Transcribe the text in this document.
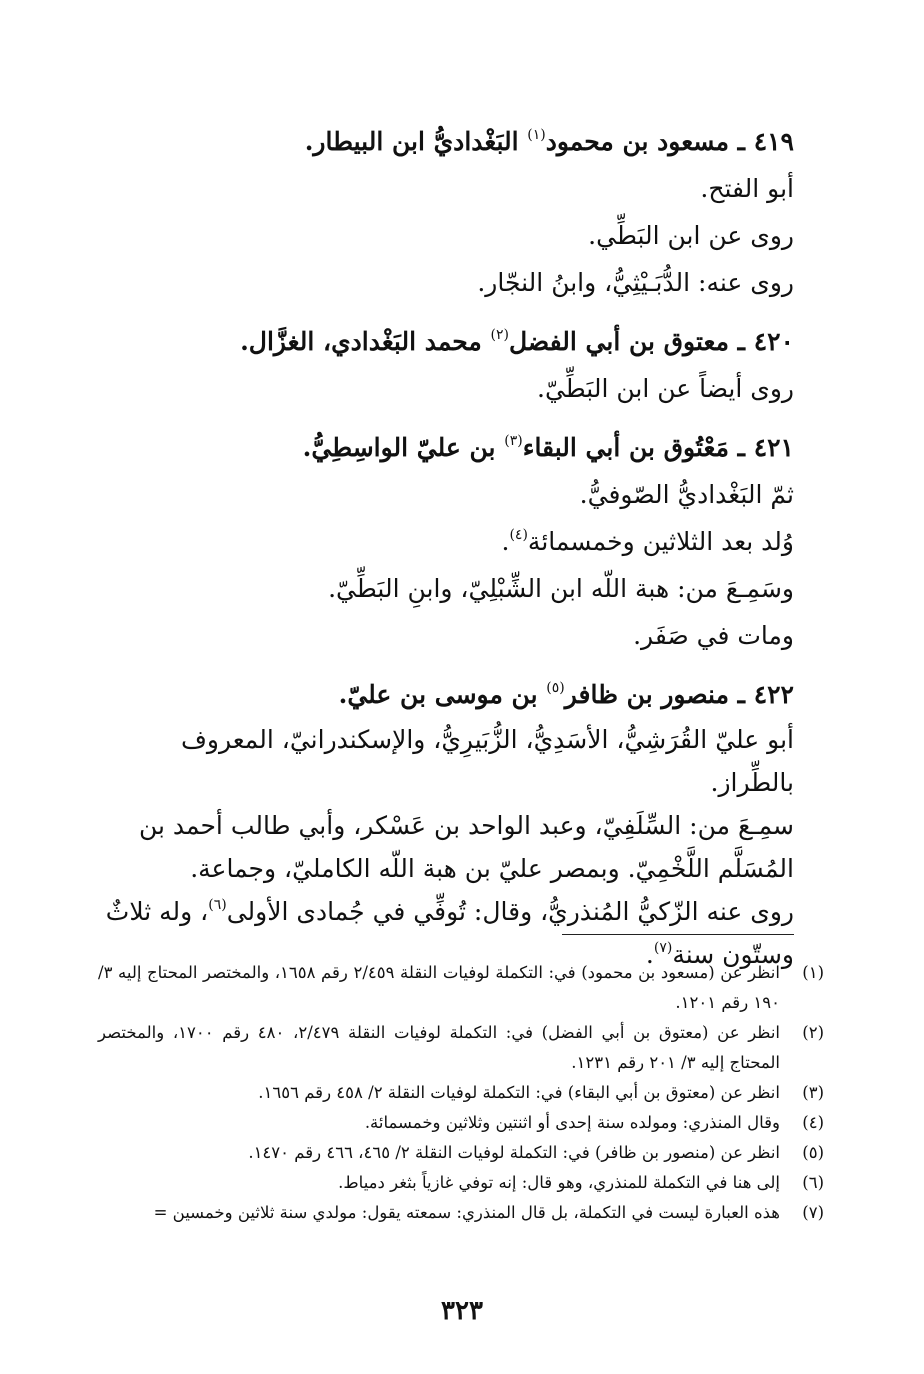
٤١٩ ـ مسعود بن محمود$^{(١)}$ البَغْداديُّ ابن البيطار.

أبو الفتح.

روى عن ابن البَطِّي.

روى عنه: الدُّبَـيْثِيُّ، وابنُ النجّار.

٤٢٠ ـ معتوق بن أبي الفضل$^{(٢)}$ محمد البَغْدادي، الغزَّال.

روى أيضاً عن ابن البَطِّيّ.

٤٢١ ـ مَعْتُوق بن أبي البقاء$^{(٣)}$ بن عليّ الواسِطِيُّ.

ثمّ البَغْداديُّ الصّوفيُّ.

وُلد بعد الثلاثين وخمسمائة$^{(٤)}$.

وسَمِـعَ من: هبة اللّه ابن الشِّبْلِيّ، وابنِ البَطِّيّ.

ومات في صَفَر.

٤٢٢ ـ منصور بن ظافر$^{(٥)}$ بن موسى بن عليّ.

أبو عليّ القُرَشِيُّ، الأسَدِيُّ، الزُّبَيرِيُّ، والإسكندرانيّ، المعروف بالطِّراز.

سمِـعَ من: السِّلَفِيّ، وعبد الواحد بن عَسْكر، وأبي طالب أحمد بن المُسَلَّم اللَّخْمِيّ. وبمصر عليّ بن هبة اللّه الكامليّ، وجماعة.

روى عنه الزّكيُّ المُنذريُّ، وقال: تُوفِّي في جُمادى الأولى$^{(٦)}$، وله ثلاثٌ وستّون سنة$^{(٧)}$.

(١)
انظر عن (مسعود بن محمود) في: التكملة لوفيات النقلة ٢/٤٥٩ رقم ١٦٥٨، والمختصر المحتاج إليه ٣/ ١٩٠ رقم ١٢٠١.
(٢)
انظر عن (معتوق بن أبي الفضل) في: التكملة لوفيات النقلة ٢/٤٧٩، ٤٨٠ رقم ١٧٠٠، والمختصر المحتاج إليه ٣/ ٢٠١ رقم ١٢٣١.
(٣)
انظر عن (معتوق بن أبي البقاء) في: التكملة لوفيات النقلة ٢/ ٤٥٨ رقم ١٦٥٦.
(٤)
وقال المنذري: ومولده سنة إحدى أو اثنتين وثلاثين وخمسمائة.
(٥)
انظر عن (منصور بن ظافر) في: التكملة لوفيات النقلة ٢/ ٤٦٥، ٤٦٦ رقم ١٤٧٠.
(٦)
إلى هنا في التكملة للمنذري، وهو قال: إنه توفي غازياً بثغر دمياط.
(٧)
هذه العبارة ليست في التكملة، بل قال المنذري: سمعته يقول: مولدي سنة ثلاثين وخمسين =
٣٢٣
